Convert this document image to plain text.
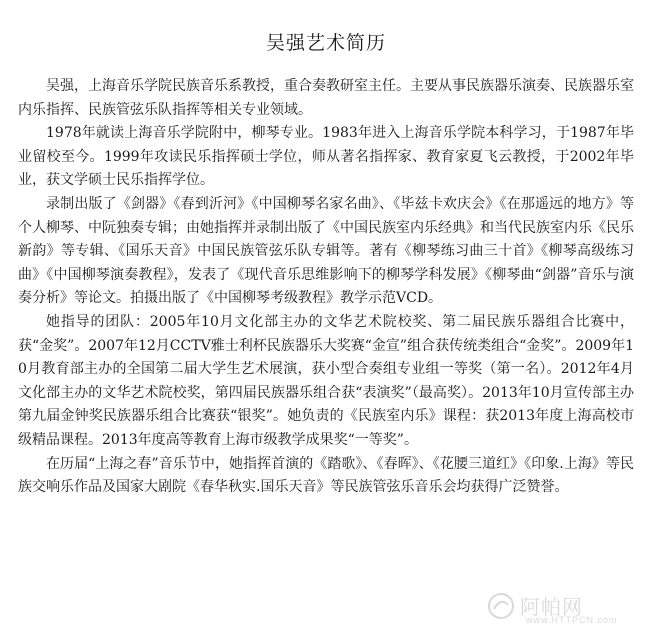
吴强艺术简历

吴强，上海音乐学院民族音乐系教授，重合奏教研室主任。主要从事民族器乐演奏、民族器乐室内乐指挥、民族管弦乐队指挥等相关专业领域。

1978年就读上海音乐学院附中，柳琴专业。1983年进入上海音乐学院本科学习，于1987年毕业留校至今。1999年攻读民乐指挥硕士学位，师从著名指挥家、教育家夏飞云教授，于2002年毕业，获文学硕士民乐指挥学位。

录制出版了《剑器》《春到沂河》《中国柳琴名家名曲》、《毕兹卡欢庆会》《在那遥远的地方》等个人柳琴、中阮独奏专辑；由她指挥并录制出版了《中国民族室内乐经典》和当代民族室内乐《民乐新韵》等专辑、《国乐天音》中国民族管弦乐队专辑等。著有《柳琴练习曲三十首》《柳琴高级练习曲》《中国柳琴演奏教程》，发表了《现代音乐思维影响下的柳琴学科发展》《柳琴曲“剑器”音乐与演奏分析》等论文。拍摄出版了《中国柳琴考级教程》教学示范VCD。

她指导的团队：2005年10月文化部主办的文华艺术院校奖、第二届民族乐器组合比赛中，获“金奖”。2007年12月CCTV雅士利杯民族器乐大奖赛“金宣”组合获传统类组合“金奖”。2009年10月教育部主办的全国第二届大学生艺术展演，获小型合奏组专业组一等奖（第一名）。2012年4月文化部主办的文华艺术院校奖，第四届民族器乐组合获“表演奖”（最高奖）。2013年10月宣传部主办第九届金钟奖民族器乐组合比赛获“银奖”。她负责的《民族室内乐》课程：获2013年度上海高校市级精品课程。2013年度高等教育上海市级教学成果奖“一等奖”。

在历届“上海之春”音乐节中，她指挥首演的《踏歌》、《春晖》、《花腰三道红》《印象.上海》等民族交响乐作品及国家大剧院《春华秋实.国乐天音》等民族管弦乐音乐会均获得广泛赞誉。

阿帕网
www.HTTPCN.com
